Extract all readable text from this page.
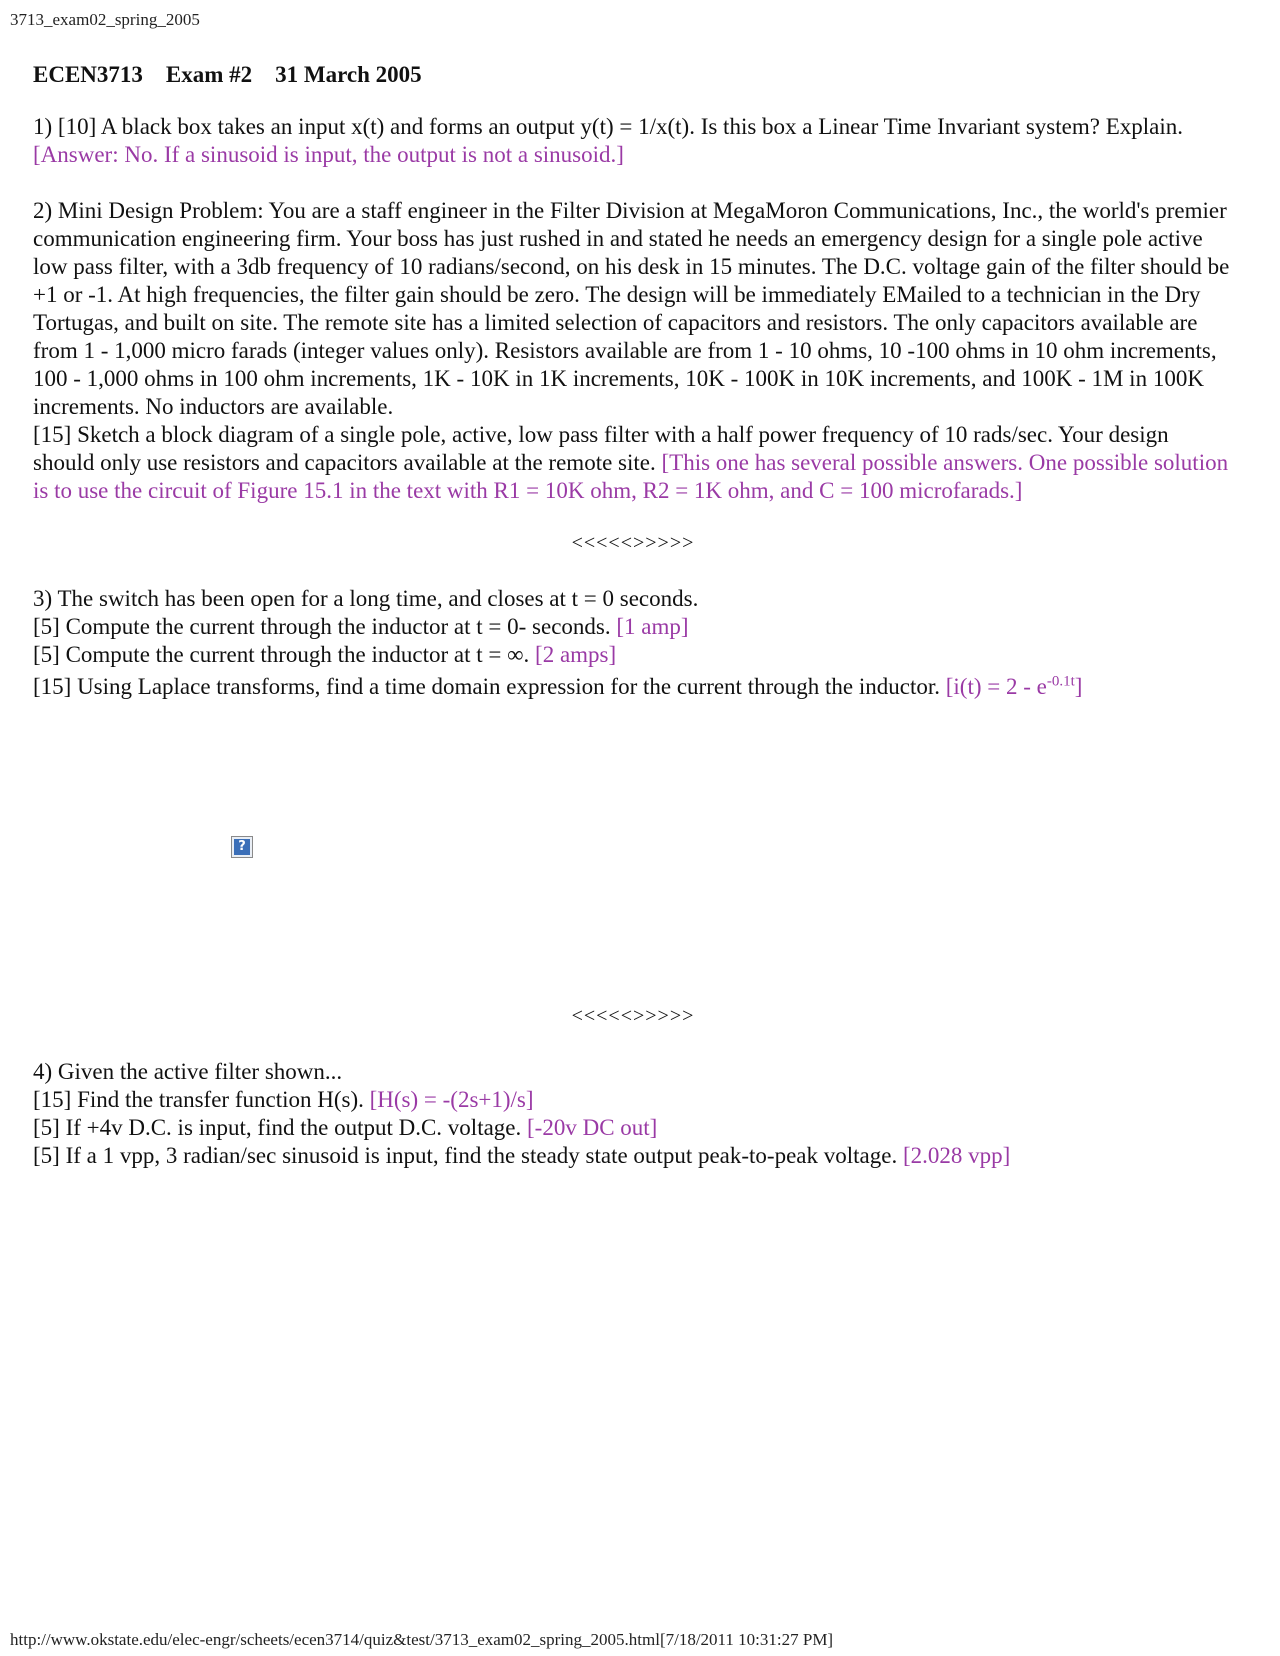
3713_exam02_spring_2005
ECEN3713    Exam #2    31 March 2005

1) [10] A black box takes an input x(t) and forms an output y(t) = 1/x(t). Is this box a Linear Time Invariant system? Explain. [Answer: No. If a sinusoid is input, the output is not a sinusoid.]

2) Mini Design Problem: You are a staff engineer in the Filter Division at MegaMoron Communications, Inc., the world's premier communication engineering firm. Your boss has just rushed in and stated he needs an emergency design for a single pole active low pass filter, with a 3db frequency of 10 radians/second, on his desk in 15 minutes. The D.C. voltage gain of the filter should be +1 or -1. At high frequencies, the filter gain should be zero. The design will be immediately EMailed to a technician in the Dry Tortugas, and built on site. The remote site has a limited selection of capacitors and resistors. The only capacitors available are from 1 - 1,000 micro farads (integer values only). Resistors available are from 1 - 10 ohms, 10 -100 ohms in 10 ohm increments, 100 - 1,000 ohms in 100 ohm increments, 1K - 10K in 1K increments, 10K - 100K in 10K increments, and 100K - 1M in 100K increments. No inductors are available.

[15] Sketch a block diagram of a single pole, active, low pass filter with a half power frequency of 10 rads/sec. Your design should only use resistors and capacitors available at the remote site. [This one has several possible answers. One possible solution is to use the circuit of Figure 15.1 in the text with R1 = 10K ohm, R2 = 1K ohm, and C = 100 microfarads.]

<<<<<>>>>>

3) The switch has been open for a long time, and closes at t = 0 seconds.
[5] Compute the current through the inductor at t = 0- seconds. [1 amp]
[5] Compute the current through the inductor at t = ∞. [2 amps]
[15] Using Laplace transforms, find a time domain expression for the current through the inductor. $[i(t) = 2 - e^{-0.1t}]$

?
<<<<<>>>>>

4) Given the active filter shown...
[15] Find the transfer function H(s). [H(s) = -(2s+1)/s]
[5] If +4v D.C. is input, find the output D.C. voltage. [-20v DC out]
[5] If a 1 vpp, 3 radian/sec sinusoid is input, find the steady state output peak-to-peak voltage. [2.028 vpp]

http://www.okstate.edu/elec-engr/scheets/ecen3714/quiz&test/3713_exam02_spring_2005.html[7/18/2011 10:31:27 PM]
